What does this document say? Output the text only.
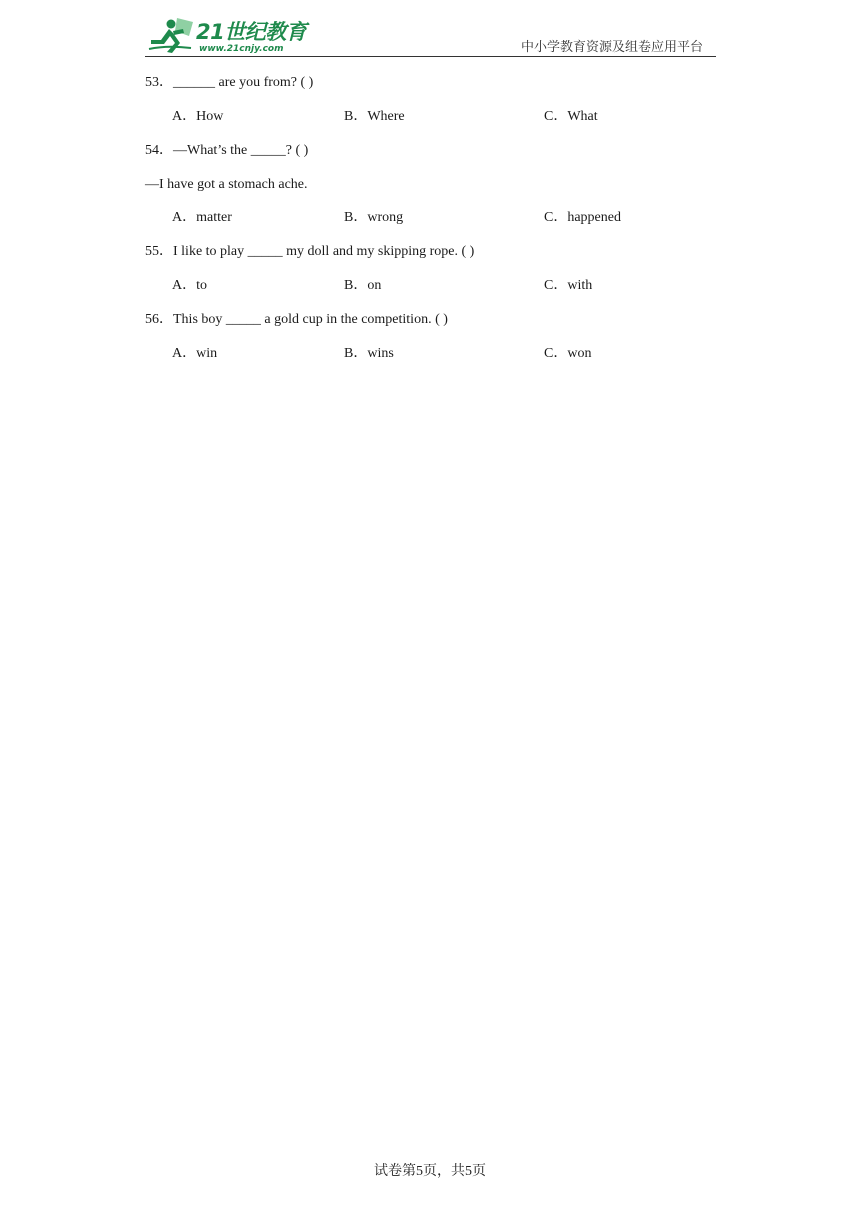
21世纪教育
www.21cnjy.com	中小学教育资源及组卷应用平台
53．______ are you from? ( )
A．How	B．Where	C．What
54．—What’s the _____? ( )
—I have got a stomach ache.
A．matter	B．wrong	C．happened
55．I like to play _____ my doll and my skipping rope. ( )
A．to	B．on	C．with
56．This boy _____ a gold cup in the competition. ( )
A．win	B．wins	C．won
试卷第5页，共5页
